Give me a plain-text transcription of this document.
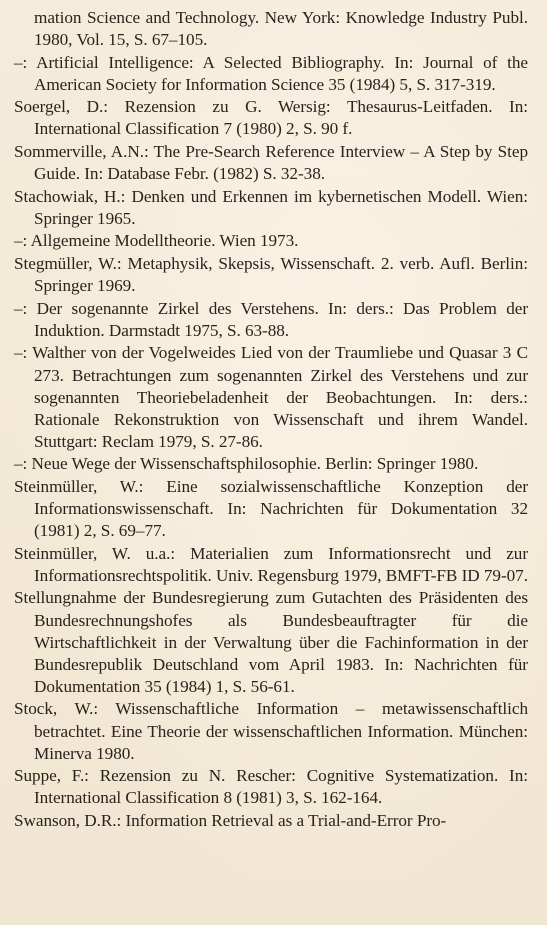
mation Science and Technology. New York: Knowledge Industry Publ. 1980, Vol. 15, S. 67–105.

–: Artificial Intelligence: A Selected Bibliography. In: Journal of the American Society for Information Science 35 (1984) 5, S. 317-319.

Soergel, D.: Rezension zu G. Wersig: Thesaurus-Leitfaden. In: International Classification 7 (1980) 2, S. 90 f.

Sommerville, A.N.: The Pre-Search Reference Interview – A Step by Step Guide. In: Database Febr. (1982) S. 32-38.

Stachowiak, H.: Denken und Erkennen im kybernetischen Modell. Wien: Springer 1965.

–: Allgemeine Modelltheorie. Wien 1973.

Stegmüller, W.: Metaphysik, Skepsis, Wissenschaft. 2. verb. Aufl. Berlin: Springer 1969.

–: Der sogenannte Zirkel des Verstehens. In: ders.: Das Problem der Induktion. Darmstadt 1975, S. 63-88.

–: Walther von der Vogelweides Lied von der Traumliebe und Quasar 3 C 273. Betrachtungen zum sogenannten Zirkel des Verstehens und zur sogenannten Theoriebeladenheit der Beobachtungen. In: ders.: Rationale Rekonstruktion von Wissenschaft und ihrem Wandel. Stuttgart: Reclam 1979, S. 27-86.

–: Neue Wege der Wissenschaftsphilosophie. Berlin: Springer 1980.

Steinmüller, W.: Eine sozialwissenschaftliche Konzeption der Informationswissenschaft. In: Nachrichten für Dokumentation 32 (1981) 2, S. 69–77.

Steinmüller, W. u.a.: Materialien zum Informationsrecht und zur Informationsrechtspolitik. Univ. Regensburg 1979, BMFT-FB ID 79-07.

Stellungnahme der Bundesregierung zum Gutachten des Präsidenten des Bundesrechnungshofes als Bundesbeauftragter für die Wirtschaftlichkeit in der Verwaltung über die Fachinformation in der Bundesrepublik Deutschland vom April 1983. In: Nachrichten für Dokumentation 35 (1984) 1, S. 56-61.

Stock, W.: Wissenschaftliche Information – metawissenschaftlich betrachtet. Eine Theorie der wissenschaftlichen Information. München: Minerva 1980.

Suppe, F.: Rezension zu N. Rescher: Cognitive Systematization. In: International Classification 8 (1981) 3, S. 162-164.

Swanson, D.R.: Information Retrieval as a Trial-and-Error Pro-
